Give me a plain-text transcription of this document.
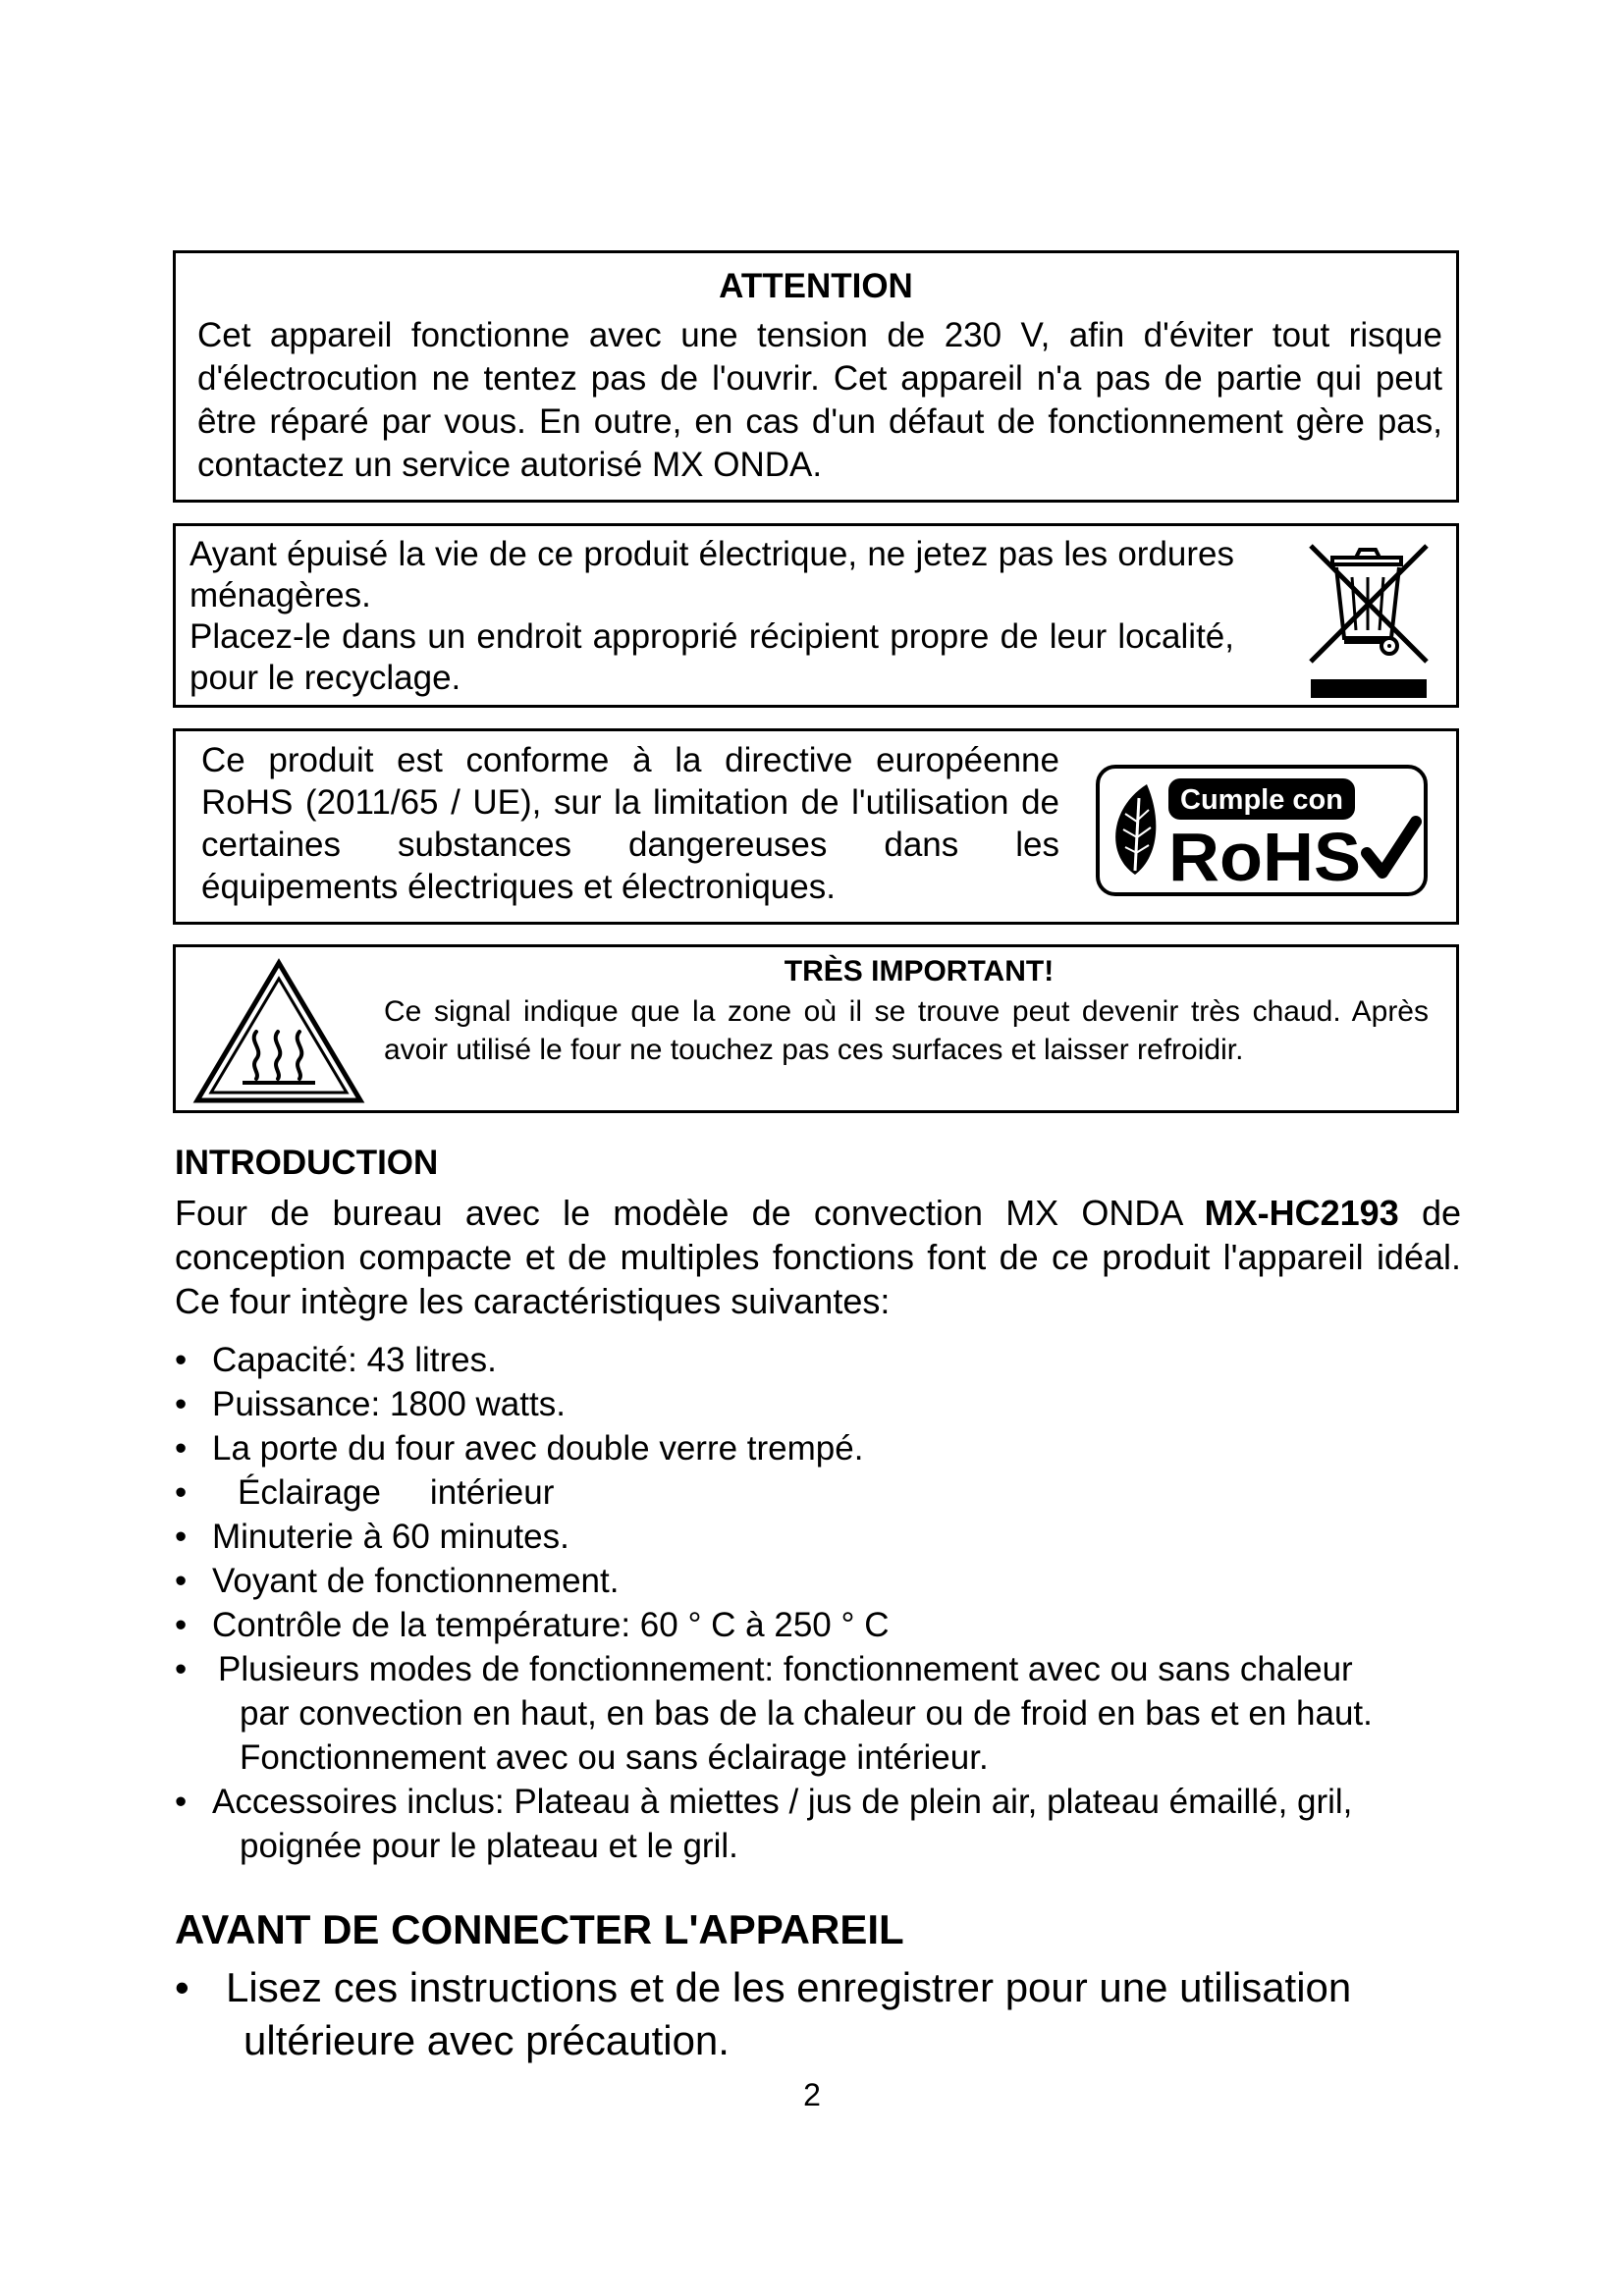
ATTENTION

Cet appareil fonctionne avec une tension de 230 V, afin d'éviter tout risque d'électrocution ne tentez pas de l'ouvrir. Cet appareil n'a pas de partie qui peut être réparé par vous. En outre, en cas d'un défaut de fonctionnement gère pas, contactez un service autorisé MX ONDA.

Ayant épuisé la vie de ce produit électrique, ne jetez pas les ordures ménagères.

Placez-le dans un endroit approprié récipient propre de leur localité, pour le recyclage.

Ce produit est conforme à la directive européenne RoHS (2011/65 / UE), sur la limitation de l'utilisation de certaines substances dangereuses dans les équipements électriques et électroniques.

Cumple con
RoHS
TRÈS IMPORTANT!

Ce signal indique que la zone où il se trouve peut devenir très chaud. Après avoir utilisé le four ne touchez pas ces surfaces et laisser refroidir.

INTRODUCTION

Four de bureau avec le modèle de convection MX ONDA MX-HC2193 de conception compacte et de multiples fonctions font de ce produit l'appareil idéal. Ce four intègre les caractéristiques suivantes:

• Capacité: 43 litres.
• Puissance: 1800 watts.
• La porte du four avec double verre trempé.
• Éclairage intérieur
• Minuterie à 60 minutes.
• Voyant de fonctionnement.
• Contrôle de la température: 60 ° C à 250 ° C
• Plusieurs modes de fonctionnement: fonctionnement avec ou sans chaleur
par convection en haut, en bas de la chaleur ou de froid en bas et en haut. Fonctionnement avec ou sans éclairage intérieur.
• Accessoires inclus: Plateau à miettes / jus de plein air, plateau émaillé, gril,
poignée pour le plateau et le gril.
AVANT DE CONNECTER L'APPAREIL
• Lisez ces instructions et de les enregistrer pour une utilisation
ultérieure avec précaution.
2
